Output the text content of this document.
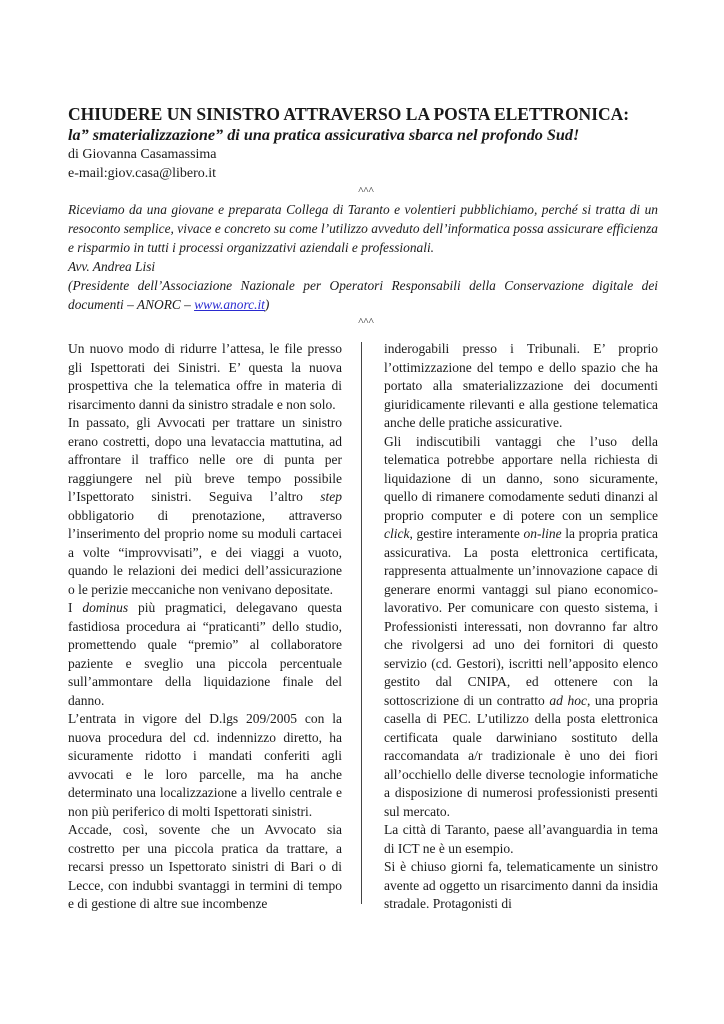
CHIUDERE UN SINISTRO ATTRAVERSO LA POSTA ELETTRONICA:
la” smaterializzazione” di una pratica assicurativa sbarca nel profondo Sud!
di Giovanna Casamassima
e-mail:giov.casa@libero.it
^^^

Riceviamo da una giovane e preparata Collega di Taranto e volentieri pubblichiamo, perché si tratta di un resoconto semplice, vivace e concreto su come l’utilizzo avveduto dell’informatica possa assicurare efficienza e risparmio in tutti i processi organizzativi aziendali e professionali.

Avv. Andrea Lisi

(Presidente dell’Associazione Nazionale per Operatori Responsabili della Conservazione digitale dei documenti – ANORC – www.anorc.it)

^^^

Un nuovo modo di ridurre l’attesa, le file presso gli Ispettorati dei Sinistri. E’ questa la nuova prospettiva che la telematica offre in materia di risarcimento danni da sinistro stradale e non solo.

In passato, gli Avvocati per trattare un sinistro erano costretti, dopo una levataccia mattutina, ad affrontare il traffico nelle ore di punta per raggiungere nel più breve tempo possibile l’Ispettorato sinistri. Seguiva l’altro step obbligatorio di prenotazione, attraverso l’inserimento del proprio nome su moduli cartacei a volte “improvvisati”, e dei viaggi a vuoto, quando le relazioni dei medici dell’assicurazione o le perizie meccaniche non venivano depositate.

I dominus più pragmatici, delegavano questa fastidiosa procedura ai “praticanti” dello studio, promettendo quale “premio” al collaboratore paziente e sveglio una piccola percentuale sull’ammontare della liquidazione finale del danno.

L’entrata in vigore del D.lgs 209/2005 con la nuova procedura del cd. indennizzo diretto, ha sicuramente ridotto i mandati conferiti agli avvocati e le loro parcelle, ma ha anche determinato una localizzazione a livello centrale e non più periferico di molti Ispettorati sinistri.

Accade, così, sovente che un Avvocato sia costretto per una piccola pratica da trattare, a recarsi presso un Ispettorato sinistri di Bari o di Lecce, con indubbi svantaggi in termini di tempo e di gestione di altre sue incombenze

inderogabili presso i Tribunali. E’ proprio l’ottimizzazione del tempo e dello spazio che ha portato alla smaterializzazione dei documenti giuridicamente rilevanti e alla gestione telematica anche delle pratiche assicurative.

Gli indiscutibili vantaggi che l’uso della telematica potrebbe apportare nella richiesta di liquidazione di un danno, sono sicuramente, quello di rimanere comodamente seduti dinanzi al proprio computer e di potere con un semplice click, gestire interamente on-line la propria pratica assicurativa. La posta elettronica certificata, rappresenta attualmente un’innovazione capace di generare enormi vantaggi sul piano economico-lavorativo. Per comunicare con questo sistema, i Professionisti interessati, non dovranno far altro che rivolgersi ad uno dei fornitori di questo servizio (cd. Gestori), iscritti nell’apposito elenco gestito dal CNIPA, ed ottenere con la sottoscrizione di un contratto ad hoc, una propria casella di PEC. L’utilizzo della posta elettronica certificata quale darwiniano sostituto della raccomandata a/r tradizionale è uno dei fiori all’occhiello delle diverse tecnologie informatiche a disposizione di numerosi professionisti presenti sul mercato.

La città di Taranto, paese all’avanguardia in tema di ICT ne è un esempio.

Si è chiuso giorni fa, telematicamente un sinistro avente ad oggetto un risarcimento danni da insidia stradale. Protagonisti di
